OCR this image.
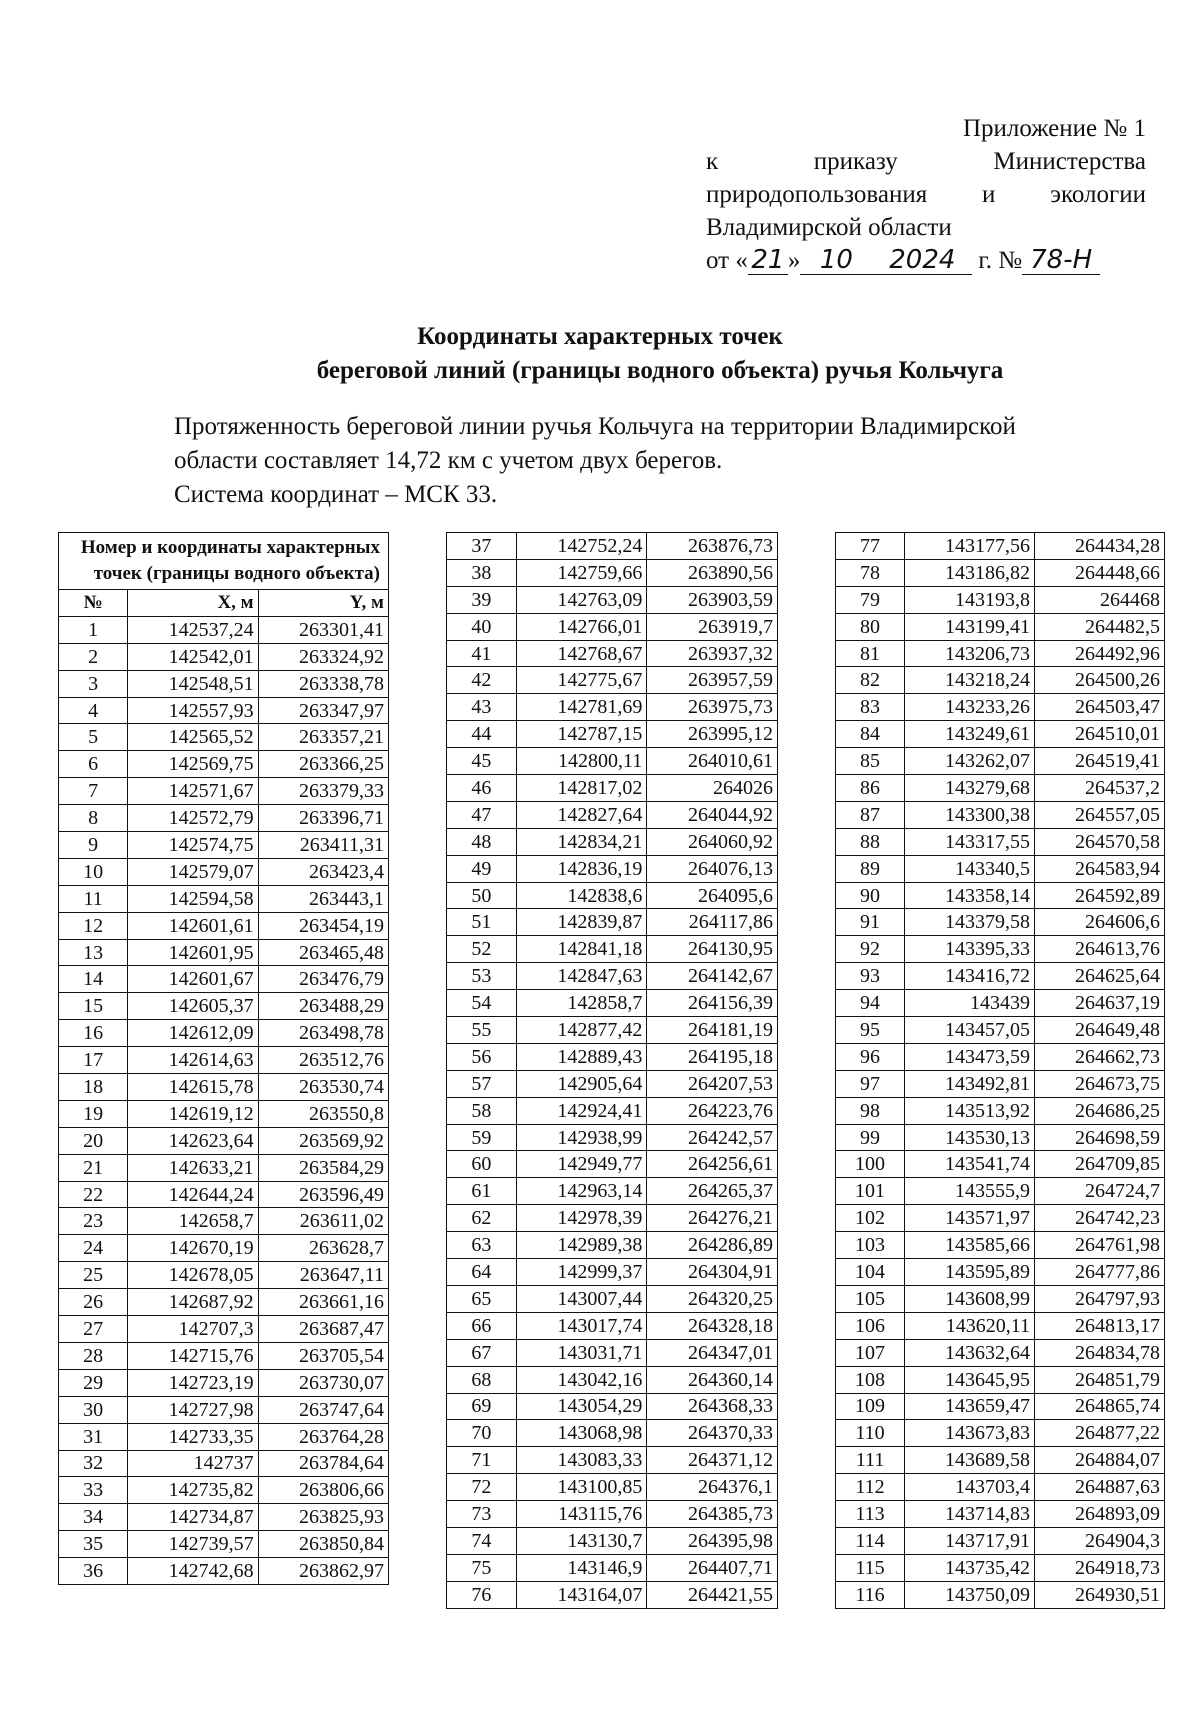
Приложение № 1
к	приказу	Министерства
природопользования и экологии
Владимирской области
от « 21 » 10	2024 г. № 78-Н
Координаты характерных точек
береговой линий (границы водного объекта) ручья Кольчуга
Протяженность береговой линии ручья Кольчуга на территории Владимирской
области составляет 14,72 км с учетом двух берегов.
Система координат – МСК 33.
Номер и координаты характерных точек (границы водного объекта)		
№	X, м	Y, м
1	142537,24	263301,41
2	142542,01	263324,92
3	142548,51	263338,78
4	142557,93	263347,97
5	142565,52	263357,21
6	142569,75	263366,25
7	142571,67	263379,33
8	142572,79	263396,71
9	142574,75	263411,31
10	142579,07	263423,4
11	142594,58	263443,1
12	142601,61	263454,19
13	142601,95	263465,48
14	142601,67	263476,79
15	142605,37	263488,29
16	142612,09	263498,78
17	142614,63	263512,76
18	142615,78	263530,74
19	142619,12	263550,8
20	142623,64	263569,92
21	142633,21	263584,29
22	142644,24	263596,49
23	142658,7	263611,02
24	142670,19	263628,7
25	142678,05	263647,11
26	142687,92	263661,16
27	142707,3	263687,47
28	142715,76	263705,54
29	142723,19	263730,07
30	142727,98	263747,64
31	142733,35	263764,28
32	142737	263784,64
33	142735,82	263806,66
34	142734,87	263825,93
35	142739,57	263850,84
36	142742,68	263862,97
37	142752,24	263876,73
38	142759,66	263890,56
39	142763,09	263903,59
40	142766,01	263919,7
41	142768,67	263937,32
42	142775,67	263957,59
43	142781,69	263975,73
44	142787,15	263995,12
45	142800,11	264010,61
46	142817,02	264026
47	142827,64	264044,92
48	142834,21	264060,92
49	142836,19	264076,13
50	142838,6	264095,6
51	142839,87	264117,86
52	142841,18	264130,95
53	142847,63	264142,67
54	142858,7	264156,39
55	142877,42	264181,19
56	142889,43	264195,18
57	142905,64	264207,53
58	142924,41	264223,76
59	142938,99	264242,57
60	142949,77	264256,61
61	142963,14	264265,37
62	142978,39	264276,21
63	142989,38	264286,89
64	142999,37	264304,91
65	143007,44	264320,25
66	143017,74	264328,18
67	143031,71	264347,01
68	143042,16	264360,14
69	143054,29	264368,33
70	143068,98	264370,33
71	143083,33	264371,12
72	143100,85	264376,1
73	143115,76	264385,73
74	143130,7	264395,98
75	143146,9	264407,71
76	143164,07	264421,55
77	143177,56	264434,28
78	143186,82	264448,66
79	143193,8	264468
80	143199,41	264482,5
81	143206,73	264492,96
82	143218,24	264500,26
83	143233,26	264503,47
84	143249,61	264510,01
85	143262,07	264519,41
86	143279,68	264537,2
87	143300,38	264557,05
88	143317,55	264570,58
89	143340,5	264583,94
90	143358,14	264592,89
91	143379,58	264606,6
92	143395,33	264613,76
93	143416,72	264625,64
94	143439	264637,19
95	143457,05	264649,48
96	143473,59	264662,73
97	143492,81	264673,75
98	143513,92	264686,25
99	143530,13	264698,59
100	143541,74	264709,85
101	143555,9	264724,7
102	143571,97	264742,23
103	143585,66	264761,98
104	143595,89	264777,86
105	143608,99	264797,93
106	143620,11	264813,17
107	143632,64	264834,78
108	143645,95	264851,79
109	143659,47	264865,74
110	143673,83	264877,22
111	143689,58	264884,07
112	143703,4	264887,63
113	143714,83	264893,09
114	143717,91	264904,3
115	143735,42	264918,73
116	143750,09	264930,51
